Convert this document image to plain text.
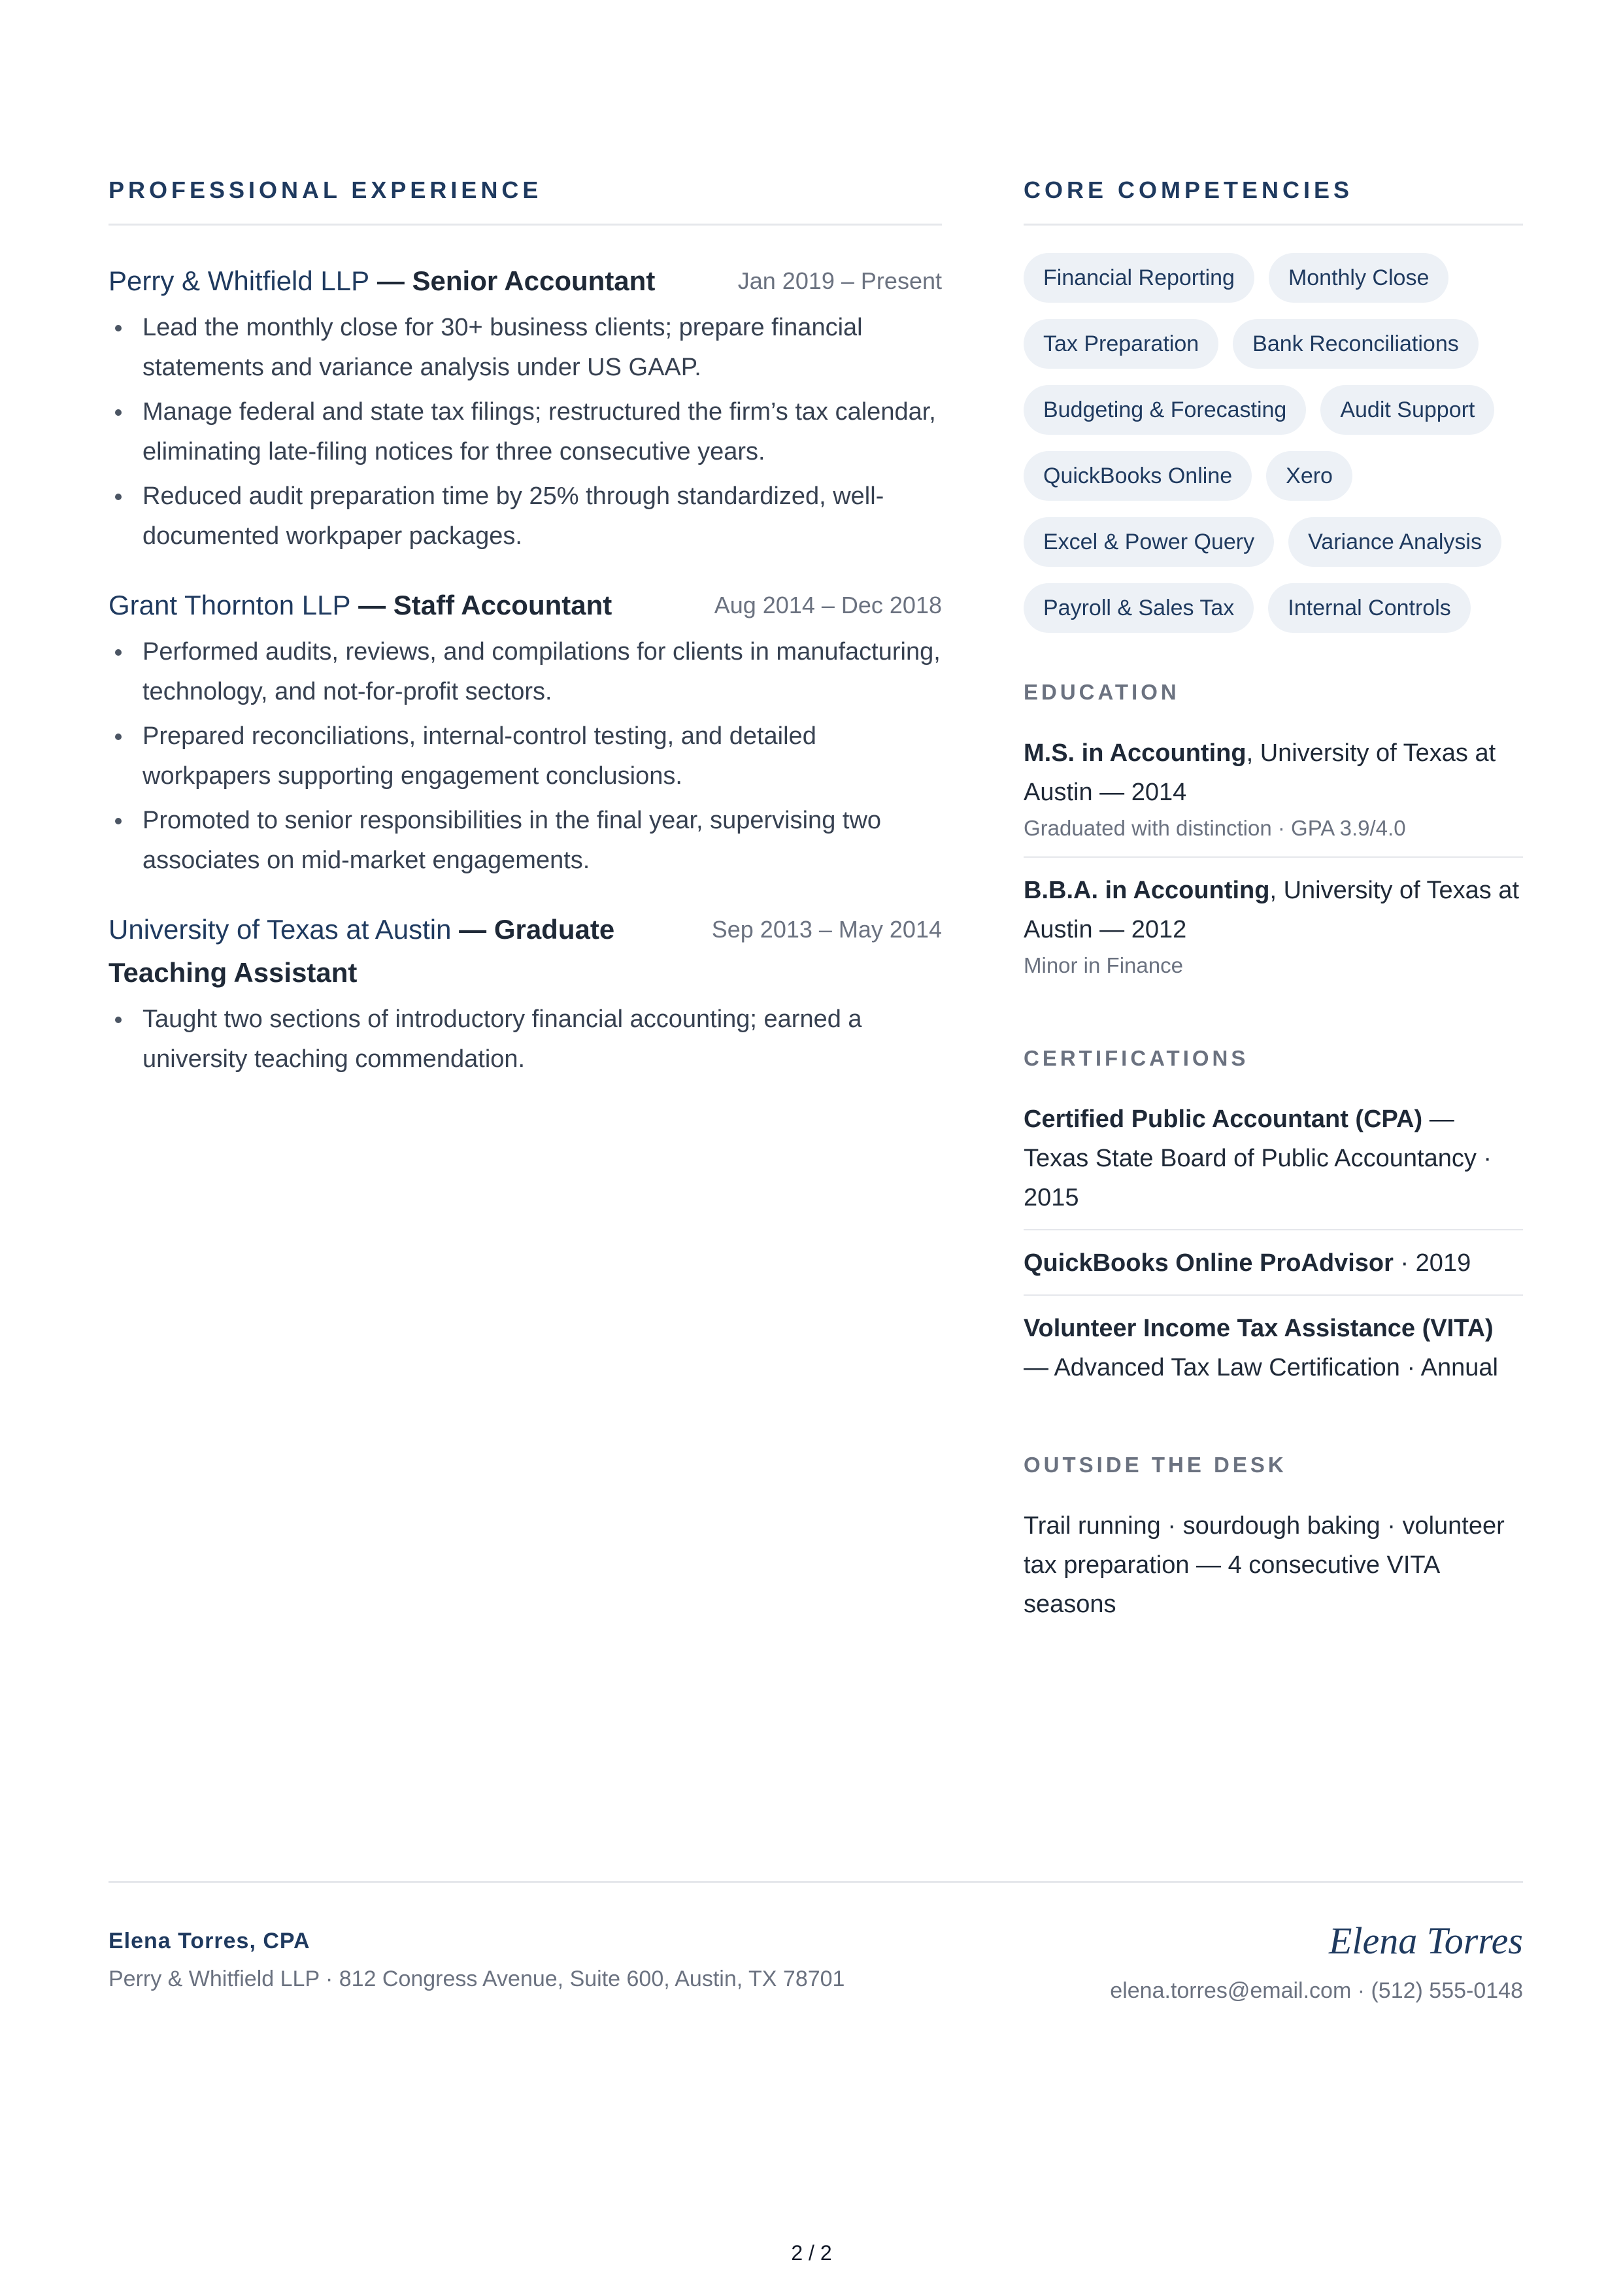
PROFESSIONAL EXPERIENCE
Perry & Whitfield LLP — Senior Accountant	Jan 2019 – Present
Lead the monthly close for 30+ business clients; prepare financial statements and variance analysis under US GAAP.
Manage federal and state tax filings; restructured the firm’s tax calendar, eliminating late-filing notices for three consecutive years.
Reduced audit preparation time by 25% through standardized, well-documented workpaper packages.
Grant Thornton LLP — Staff Accountant	Aug 2014 – Dec 2018
Performed audits, reviews, and compilations for clients in manufacturing, technology, and not-for-profit sectors.
Prepared reconciliations, internal-control testing, and detailed workpapers supporting engagement conclusions.
Promoted to senior responsibilities in the final year, supervising two associates on mid-market engagements.
University of Texas at Austin — Graduate Teaching Assistant
Sep 2013 – May 2014
Taught two sections of introductory financial accounting; earned a university teaching commendation.
CORE COMPETENCIES
Financial Reporting	Monthly Close
Tax Preparation	Bank Reconciliations
Budgeting & Forecasting	Audit Support
QuickBooks Online	Xero
Excel & Power Query	Variance Analysis
Payroll & Sales Tax	Internal Controls
EDUCATION
M.S. in Accounting, University of Texas at Austin — 2014
Graduated with distinction · GPA 3.9/4.0
B.B.A. in Accounting, University of Texas at Austin — 2012
Minor in Finance
CERTIFICATIONS
Certified Public Accountant (CPA) — Texas State Board of Public Accountancy · 2015
QuickBooks Online ProAdvisor · 2019
Volunteer Income Tax Assistance (VITA) — Advanced Tax Law Certification · Annual
OUTSIDE THE DESK
Trail running · sourdough baking · volunteer tax preparation — 4 consecutive VITA seasons
Elena Torres, CPA
Perry & Whitfield LLP · 812 Congress Avenue, Suite 600, Austin, TX 78701
Elena Torres
elena.torres@email.com · (512) 555-0148
2 / 2
